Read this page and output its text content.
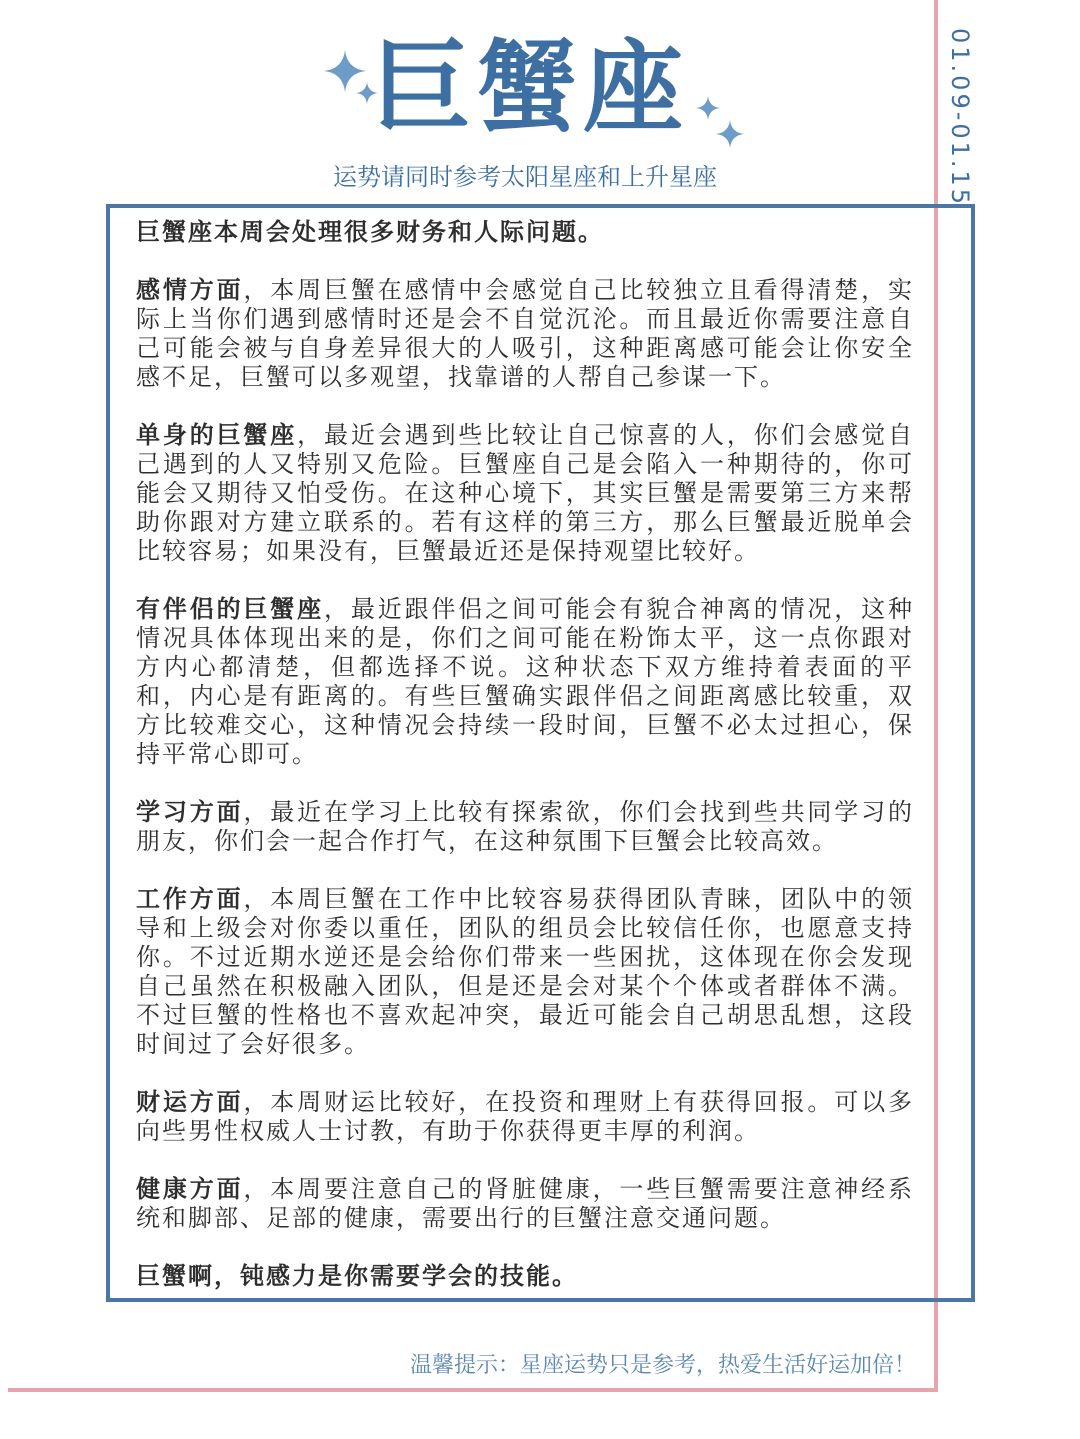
巨蟹座
运势请同时参考太阳星座和上升星座	01.09-01.15

巨蟹座本周会处理很多财务和人际问题。

感情方面，本周巨蟹在感情中会感觉自己比较独立且看得清楚，实际上当你们遇到感情时还是会不自觉沉沦。而且最近你需要注意自己可能会被与自身差异很大的人吸引，这种距离感可能会让你安全感不足，巨蟹可以多观望，找靠谱的人帮自己参谋一下。

单身的巨蟹座，最近会遇到些比较让自己惊喜的人，你们会感觉自己遇到的人又特别又危险。巨蟹座自己是会陷入一种期待的，你可能会又期待又怕受伤。在这种心境下，其实巨蟹是需要第三方来帮助你跟对方建立联系的。若有这样的第三方，那么巨蟹最近脱单会比较容易；如果没有，巨蟹最近还是保持观望比较好。

有伴侣的巨蟹座，最近跟伴侣之间可能会有貌合神离的情况，这种情况具体体现出来的是，你们之间可能在粉饰太平，这一点你跟对方内心都清楚，但都选择不说。这种状态下双方维持着表面的平和，内心是有距离的。有些巨蟹确实跟伴侣之间距离感比较重，双方比较难交心，这种情况会持续一段时间，巨蟹不必太过担心，保持平常心即可。

学习方面，最近在学习上比较有探索欲，你们会找到些共同学习的朋友，你们会一起合作打气，在这种氛围下巨蟹会比较高效。

工作方面，本周巨蟹在工作中比较容易获得团队青睐，团队中的领导和上级会对你委以重任，团队的组员会比较信任你，也愿意支持你。不过近期水逆还是会给你们带来一些困扰，这体现在你会发现自己虽然在积极融入团队，但是还是会对某个个体或者群体不满。不过巨蟹的性格也不喜欢起冲突，最近可能会自己胡思乱想，这段时间过了会好很多。

财运方面，本周财运比较好，在投资和理财上有获得回报。可以多向些男性权威人士讨教，有助于你获得更丰厚的利润。

健康方面，本周要注意自己的肾脏健康，一些巨蟹需要注意神经系统和脚部、足部的健康，需要出行的巨蟹注意交通问题。

巨蟹啊，钝感力是你需要学会的技能。

温馨提示：星座运势只是参考，热爱生活好运加倍！
